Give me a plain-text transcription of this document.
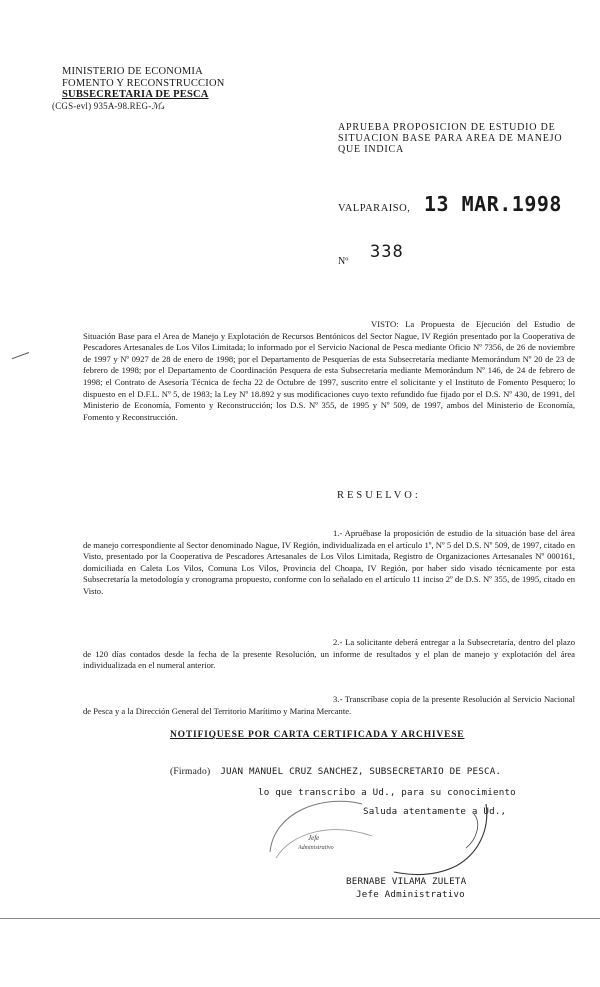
MINISTERIO DE ECONOMIA
FOMENTO Y RECONSTRUCCION
SUBSECRETARIA DE PESCA
(CGS-evl) 935A-98.REG-ℳ𝓈
APRUEBA PROPOSICION DE ESTUDIO DE SITUACION BASE PARA AREA DE MANEJO QUE INDICA
VALPARAISO, 13 MAR.1998
Nº 338
VISTO: La Propuesta de Ejecución del Estudio de Situación Base para el Area de Manejo y Explotación de Recursos Bentónicos del Sector Nague, IV Región presentado por la Cooperativa de Pescadores Artesanales de Los Vilos Limitada; lo informado por el Servicio Nacional de Pesca mediante Oficio Nº 7356, de 26 de noviembre de 1997 y Nº 0927 de 28 de enero de 1998; por el Departamento de Pesquerías de esta Subsecretaría mediante Memorándum Nº 20 de 23 de febrero de 1998; por el Departamento de Coordinación Pesquera de esta Subsecretaría mediante Memorándum Nº 146, de 24 de febrero de 1998; el Contrato de Asesoría Técnica de fecha 22 de Octubre de 1997, suscrito entre el solicitante y el Instituto de Fomento Pesquero; lo dispuesto en el D.F.L. Nº 5, de 1983; la Ley Nº 18.892 y sus modificaciones cuyo texto refundido fue fijado por el D.S. Nº 430, de 1991, del Ministerio de Economía, Fomento y Reconstrucción; los D.S. Nº 355, de 1995 y Nº 509, de 1997, ambos del Ministerio de Economía, Fomento y Reconstrucción.
RESUELVO:
1.- Apruébase la proposición de estudio de la situación base del área de manejo correspondiente al Sector denominado Nague, IV Región, individualizada en el artículo 1º, Nº 5 del D.S. Nº 509, de 1997, citado en Visto, presentado por la Cooperativa de Pescadores Artesanales de Los Vilos Limitada, Registro de Organizaciones Artesanales Nº 000161, domiciliada en Caleta Los Vilos, Comuna Los Vilos, Provincia del Choapa, IV Región, por haber sido visado técnicamente por esta Subsecretaría la metodología y cronograma propuesto, conforme con lo señalado en el artículo 11 inciso 2º de D.S. Nº 355, de 1995, citado en Visto.
2.- La solicitante deberá entregar a la Subsecretaría, dentro del plazo de 120 días contados desde la fecha de la presente Resolución, un informe de resultados y el plan de manejo y explotación del área individualizada en el numeral anterior.
3.- Transcríbase copia de la presente Resolución al Servicio Nacional de Pesca y a la Dirección General del Territorio Marítimo y Marina Mercante.
NOTIFIQUESE POR CARTA CERTIFICADA Y ARCHIVESE
(Firmado) JUAN MANUEL CRUZ SANCHEZ, SUBSECRETARIO DE PESCA.
lo que transcribo a Ud., para su conocimiento
Saluda atentamente a Ud.,
Jefe
Administrativo
BERNABE VILAMA ZULETA
Jefe Administrativo
